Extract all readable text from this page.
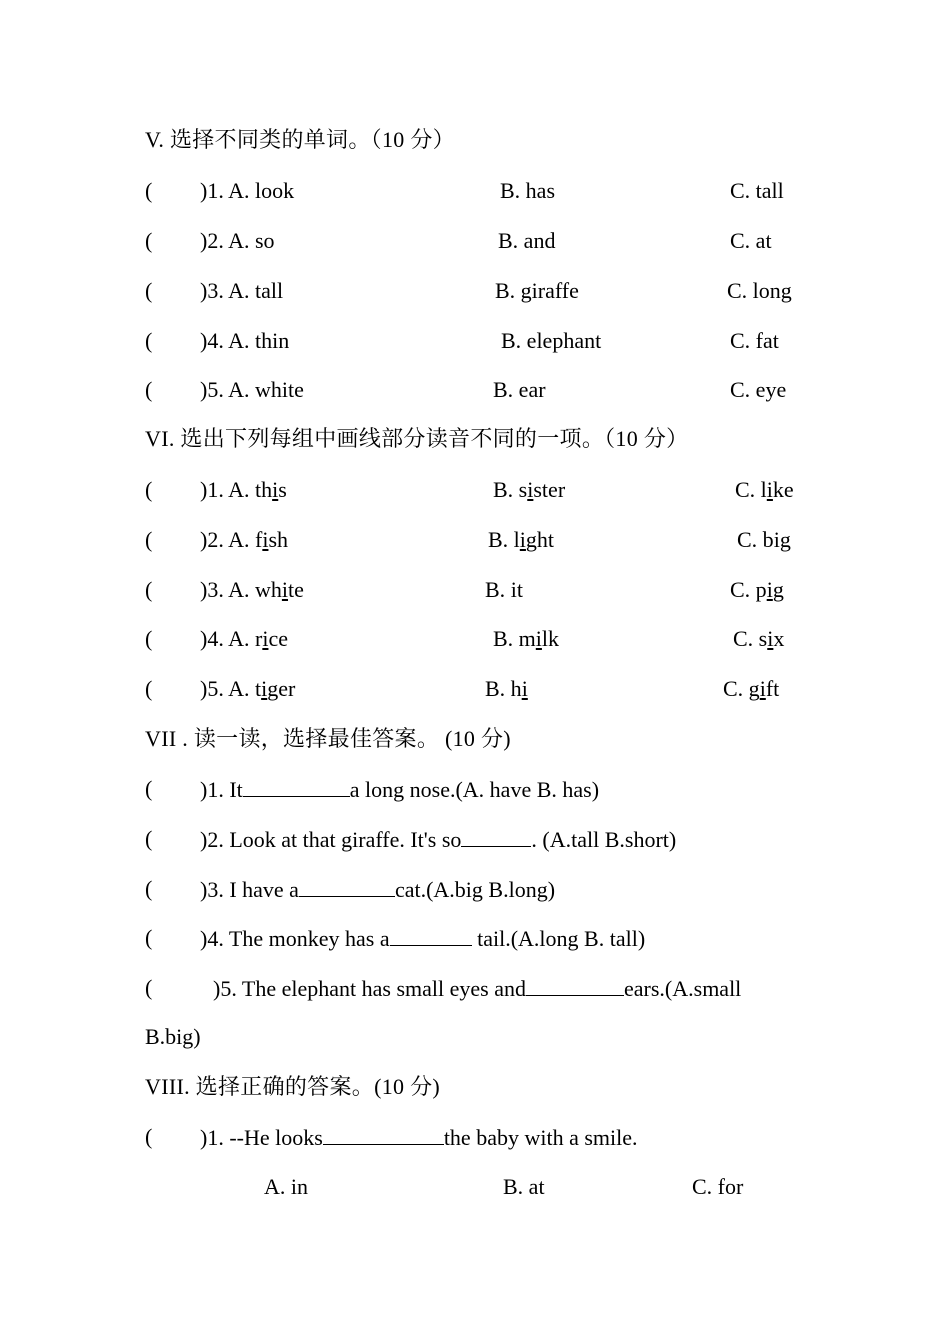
V. 选择不同类的单词。（10 分）
( )1. A. look	B. has	C. tall
( )2. A. so	B. and	C. at
( )3. A. tall	B. giraffe	C. long
( )4. A. thin	B. elephant	C. fat
( )5. A. white	B. ear	C. eye
VI. 选出下列每组中画线部分读音不同的一项。（10 分）
( )1. A. this	B. sister	C. like
( )2. A. fish	B. light	C. big
( )3. A. white	B. it	C. pig
( )4. A. rice	B. milk	C. six
( )5. A. tiger	B. hi	C. gift
VII . 读一读，选择最佳答案。 (10 分)
( )1. It	a long nose.(A. have B. has)
( )2. Look at that giraffe. It's so	. (A.tall B.short)
( )3. I have a	cat.(A.big B.long)
( )4. The monkey has a	tail.(A.long B. tall)
(	)5. The elephant has small eyes and	ears.(A.small
B.big)
VIII. 选择正确的答案。(10 分)
( )1. --He looks	the baby with a smile.
A. in	B. at	C. for
